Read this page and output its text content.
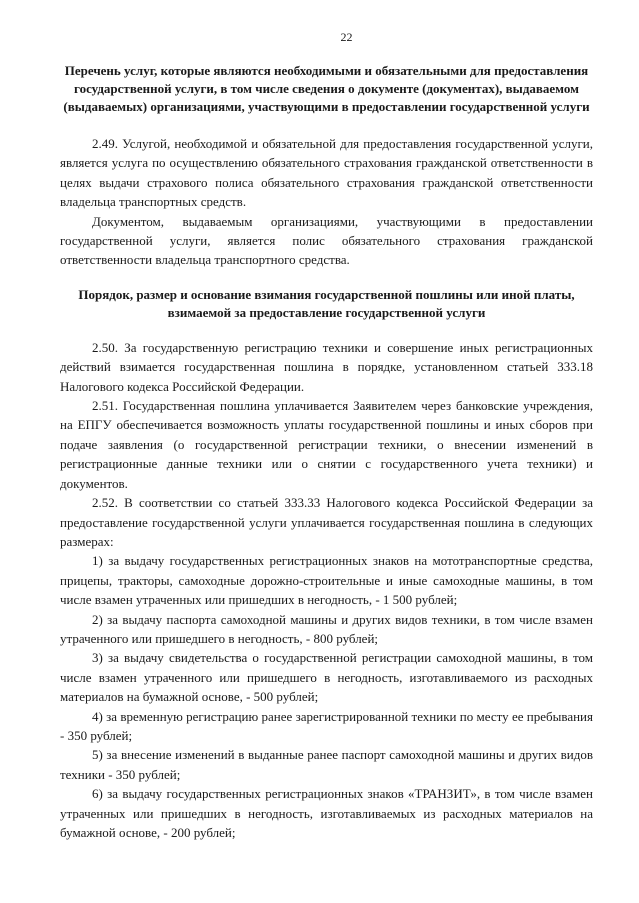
22

Перечень услуг, которые являются необходимыми и обязательными для предоставления государственной услуги, в том числе сведения о документе (документах), выдаваемом (выдаваемых) организациями, участвующими в предоставлении государственной услуги

2.49. Услугой, необходимой и обязательной для предоставления государственной услуги, является услуга по осуществлению обязательного страхования гражданской ответственности в целях выдачи страхового полиса обязательного страхования гражданской ответственности владельца транспортных средств.

Документом, выдаваемым организациями, участвующими в предоставлении государственной услуги, является полис обязательного страхования гражданской ответственности владельца транспортного средства.

Порядок, размер и основание взимания государственной пошлины или иной платы, взимаемой за предоставление государственной услуги

2.50. За государственную регистрацию техники и совершение иных регистрационных действий взимается государственная пошлина в порядке, установленном статьей 333.18 Налогового кодекса Российской Федерации.

2.51. Государственная пошлина уплачивается Заявителем через банковские учреждения, на ЕПГУ обеспечивается возможность уплаты государственной пошлины и иных сборов при подаче заявления (о государственной регистрации техники, о внесении изменений в регистрационные данные техники или о снятии с государственного учета техники) и документов.

2.52. В соответствии со статьей 333.33 Налогового кодекса Российской Федерации за предоставление государственной услуги уплачивается государственная пошлина в следующих размерах:

1) за выдачу государственных регистрационных знаков на мототранспортные средства, прицепы, тракторы, самоходные дорожно-строительные и иные самоходные машины, в том числе взамен утраченных или пришедших в негодность, - 1 500 рублей;

2) за выдачу паспорта самоходной машины и других видов техники, в том числе взамен утраченного или пришедшего в негодность, - 800 рублей;

3) за выдачу свидетельства о государственной регистрации самоходной машины, в том числе взамен утраченного или пришедшего в негодность, изготавливаемого из расходных материалов на бумажной основе, - 500 рублей;

4) за временную регистрацию ранее зарегистрированной техники по месту ее пребывания - 350 рублей;

5) за внесение изменений в выданные ранее паспорт самоходной машины и других видов техники - 350 рублей;

6) за выдачу государственных регистрационных знаков «ТРАНЗИТ», в том числе взамен утраченных или пришедших в негодность, изготавливаемых из расходных материалов на бумажной основе, - 200 рублей;
